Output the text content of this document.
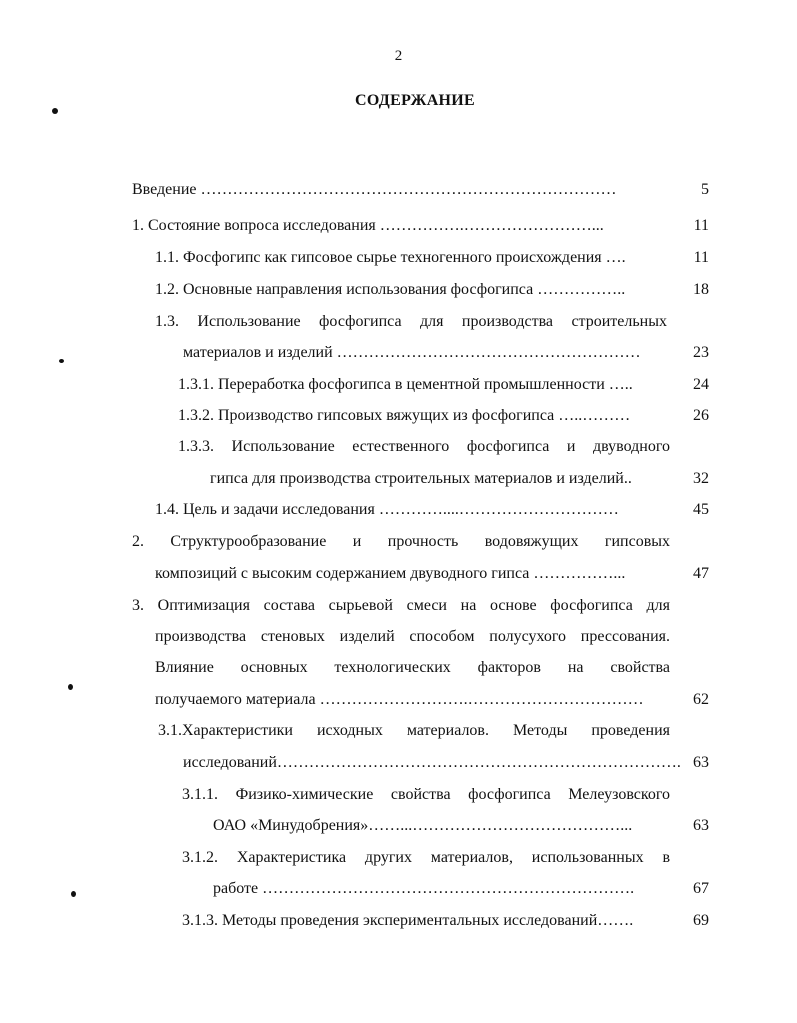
2
СОДЕРЖАНИЕ
Введение ……………………………………………………………………	5
1. Состояние вопроса исследования …………….……………………...	11
1.1. Фосфогипс как гипсовое сырье техногенного происхождения ….	11
1.2. Основные направления использования фосфогипса ……………..	18
1.3. Использование фосфогипса для производства строительных
материалов и изделий …………………………………………………	23
1.3.1. Переработка фосфогипса в цементной промышленности …..	24
1.3.2. Производство гипсовых вяжущих из фосфогипса …..………	26
1.3.3. Использование естественного фосфогипса и двуводного
гипса для производства строительных материалов и изделий..	32
1.4. Цель и задачи исследования …………....…………………………	45
2. Структурообразование и прочность водовяжущих гипсовых
композиций с высоким содержанием двуводного гипса ……………...	47
3. Оптимизация состава сырьевой смеси на основе фосфогипса для
производства стеновых изделий способом полусухого прессования.
Влияние основных технологических факторов на свойства
получаемого материала ……………………….……………………………	62
3.1.Характеристики исходных материалов. Методы проведения
исследований…………………………………………………………………. 63
3.1.1. Физико-химические свойства фосфогипса Мелеузовского
ОАО «Минудобрения»……...…………………………………...	63
3.1.2. Характеристика других материалов, использованных в
работе …………………………………………………………….	67
3.1.3. Методы проведения экспериментальных исследований…….	69
